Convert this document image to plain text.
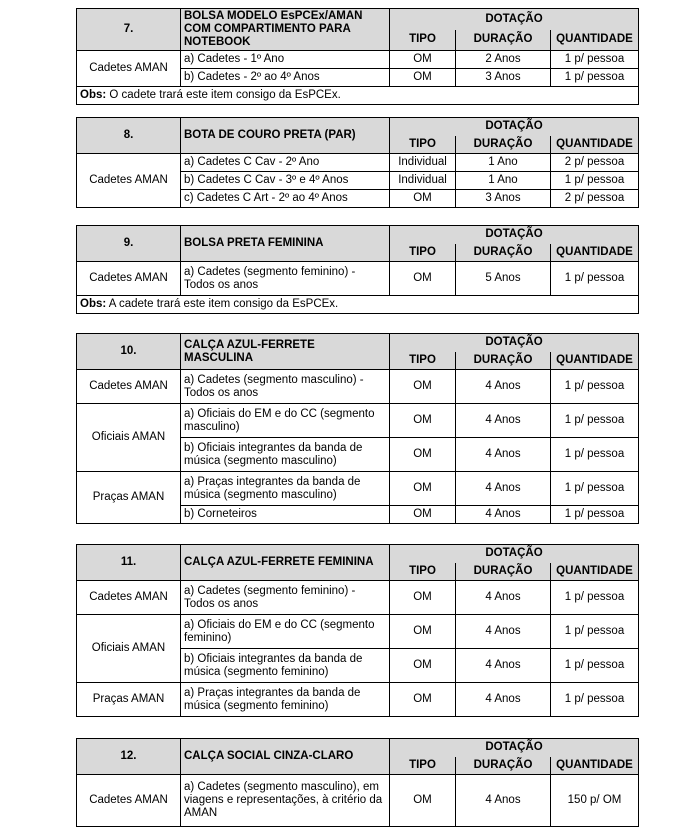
7.	BOLSA MODELO EsPCEx/AMAN COM COMPARTIMENTO PARA NOTEBOOK	DOTAÇÃO		
		TIPO	DURAÇÃO	QUANTIDADE
Cadetes AMAN	a) Cadetes - 1º Ano	OM	2 Anos	1 p/ pessoa
	b) Cadetes - 2º ao 4º Anos	OM	3 Anos	1 p/ pessoa
Obs: O cadete trará este item consigo da EsPCEx.				
8.	BOTA DE COURO PRETA (PAR)	DOTAÇÃO		
		TIPO	DURAÇÃO	QUANTIDADE
Cadetes AMAN	a) Cadetes C Cav - 2º Ano	Individual	1 Ano	2 p/ pessoa
	b) Cadetes C Cav - 3º e 4º Anos	Individual	1 Ano	1 p/ pessoa
	c) Cadetes C Art - 2º ao 4º Anos	OM	3 Anos	2 p/ pessoa
9.	BOLSA PRETA FEMININA	DOTAÇÃO		
		TIPO	DURAÇÃO	QUANTIDADE
Cadetes AMAN	a) Cadetes (segmento feminino) - Todos os anos	OM	5 Anos	1 p/ pessoa
Obs: A cadete trará este item consigo da EsPCEx.				
10.	CALÇA AZUL-FERRETE MASCULINA	DOTAÇÃO		
		TIPO	DURAÇÃO	QUANTIDADE
Cadetes AMAN	a) Cadetes (segmento masculino) - Todos os anos	OM	4 Anos	1 p/ pessoa
Oficiais AMAN	a) Oficiais do EM e do CC (segmento masculino)	OM	4 Anos	1 p/ pessoa
	b) Oficiais integrantes da banda de música (segmento masculino)	OM	4 Anos	1 p/ pessoa
Praças AMAN	a) Praças integrantes da banda de música (segmento masculino)	OM	4 Anos	1 p/ pessoa
	b) Corneteiros	OM	4 Anos	1 p/ pessoa
11.	CALÇA AZUL-FERRETE FEMININA	DOTAÇÃO		
		TIPO	DURAÇÃO	QUANTIDADE
Cadetes AMAN	a) Cadetes (segmento feminino) - Todos os anos	OM	4 Anos	1 p/ pessoa
Oficiais AMAN	a) Oficiais do EM e do CC (segmento feminino)	OM	4 Anos	1 p/ pessoa
	b) Oficiais integrantes da banda de música (segmento feminino)	OM	4 Anos	1 p/ pessoa
Praças AMAN	a) Praças integrantes da banda de música (segmento feminino)	OM	4 Anos	1 p/ pessoa
12.	CALÇA SOCIAL CINZA-CLARO	DOTAÇÃO		
		TIPO	DURAÇÃO	QUANTIDADE
Cadetes AMAN	a) Cadetes (segmento masculino), em viagens e representações, à critério da AMAN	OM	4 Anos	150 p/ OM
